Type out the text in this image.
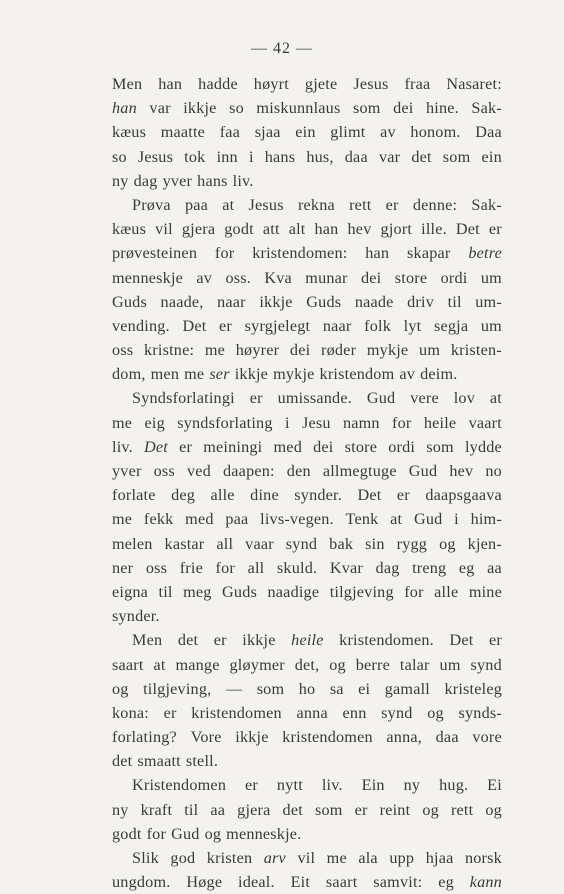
— 42 —
Men han hadde høyrt gjete Jesus fraa Nasaret:
han var ikkje so miskunnlaus som dei hine. Sak-
kæus maatte faa sjaa ein glimt av honom. Daa
so Jesus tok inn i hans hus, daa var det som ein
ny dag yver hans liv.
Prøva paa at Jesus rekna rett er denne: Sak-
kæus vil gjera godt att alt han hev gjort ille. Det er
prøvesteinen for kristendomen: han skapar betre
menneskje av oss. Kva munar dei store ordi um
Guds naade, naar ikkje Guds naade driv til um-
vending. Det er syrgjelegt naar folk lyt segja um
oss kristne: me høyrer dei røder mykje um kristen-
dom, men me ser ikkje mykje kristendom av deim.
Syndsforlatingi er umissande. Gud vere lov at
me eig syndsforlating i Jesu namn for heile vaart
liv. Det er meiningi med dei store ordi som lydde
yver oss ved daapen: den allmegtuge Gud hev no
forlate deg alle dine synder. Det er daapsgaava
me fekk med paa livs-vegen. Tenk at Gud i him-
melen kastar all vaar synd bak sin rygg og kjen-
ner oss frie for all skuld. Kvar dag treng eg aa
eigna til meg Guds naadige tilgjeving for alle mine
synder.
Men det er ikkje heile kristendomen. Det er
saart at mange gløymer det, og berre talar um synd
og tilgjeving, — som ho sa ei gamall kristeleg
kona: er kristendomen anna enn synd og synds-
forlating? Vore ikkje kristendomen anna, daa vore
det smaatt stell.
Kristendomen er nytt liv. Ein ny hug. Ei
ny kraft til aa gjera det som er reint og rett og
godt for Gud og menneskje.
Slik god kristen arv vil me ala upp hjaa norsk
ungdom. Høge ideal. Eit saart samvit: eg kann
